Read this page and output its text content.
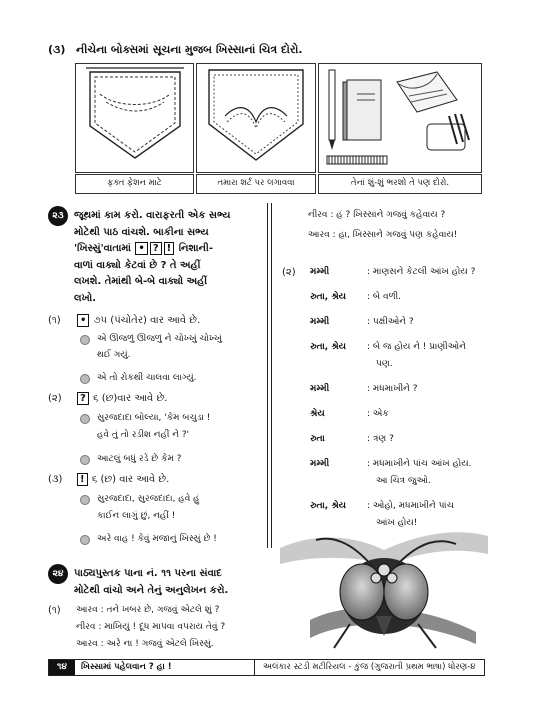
(૩) નીચેના બોક્સમાં સૂચના મુજબ ખિસ્સાનાં ચિત્ર દોરો.
ફક્ત ફેશન માટે	તમારા શર્ટ પર લગાવવા	તેનાં શું-શું ભરશો તે પણ દોરો.
૨૩	જૂથમાં કામ કરો. વારાફરતી એક સભ્ય
મોટેથી પાઠ વાંચશે. બાકીના સભ્ય
'ખિસ્સું'વાતામાં • ? ! નિશાની-
વાળાં વાક્યો કેટવાં છે ? તે અહીં
લખશે. તેમાંથી બે-બે વાક્યો અહીં
લખો.
(૧)	• ૭૫ (પંચોતેર) વાર આવે છે.
એ ઊજળું ઊજળું ને ચોખ્ખું ચોખ્ખું
થઈ ગયું.
એ તો રોકથી ચાલવા લાગ્યું.
(૨)	? ૬ (છ)વાર આવે છે.
સુરજદાદા બોલ્યા, 'કેમ બચુડા !
હવે તું તો રડીશ નહીં ને ?'
આટલું બધું રડે છે કેમ ?
(૩)	! ૬ (છ) વાર આવે છે.
સુરજદાદા, સુરજદાદા, હવે હું
કાઈન લાગું છું, નહીં !
અરે વાહ ! કેવું મજાનું ખિસ્સું છે !
૨૪	પાઠ્યપુસ્તક પાના નં. ૧૧ પરના સંવાદ
મોટેથી વાંચો અને તેનું અનુલેખન કરો.
(૧) આરવ : તને ખબર છે, ગજવું એટલે શું ?
નીરવ : માખિયું ! દૂધ માપવા વપરાય તેવું ?
આરવ : અરે ના ! ગજવું એટલે ખિસ્સું.
નીરવ : હં ? ખિસ્સાને ગજવું કહેવાય ?
આરવ : હા, ખિસ્સાને ગજવું પણ કહેવાય!
(૨) મમ્મી	: માણસને કેટલી આંખ હોય ?
રુતા, શ્રેય : બે વળી.
મમ્મી	: પક્ષીઓને ?
રુતા, શ્રેય : બે જ હોય ને ! પ્રાણીઓને
પણ.
મમ્મી	: મધમાખીને ?
શ્રેય	: એક
રુતા	: ત્રણ ?
મમ્મી	: મધમાખીને પાંચ આંખ હોય.
આ ચિત્ર જુઓ.
રુતા, શ્રેય : ઓહો, મધમાખીને પાંચ
આંખ હોય!
૧૪	ખિસ્સામાં પહેલવાન ? હા !	અલંકાર સ્ટડી મટીરિયલ - કુંજ (ગુજરાતી પ્રથમ ભાષા) ધોરણ-૪
